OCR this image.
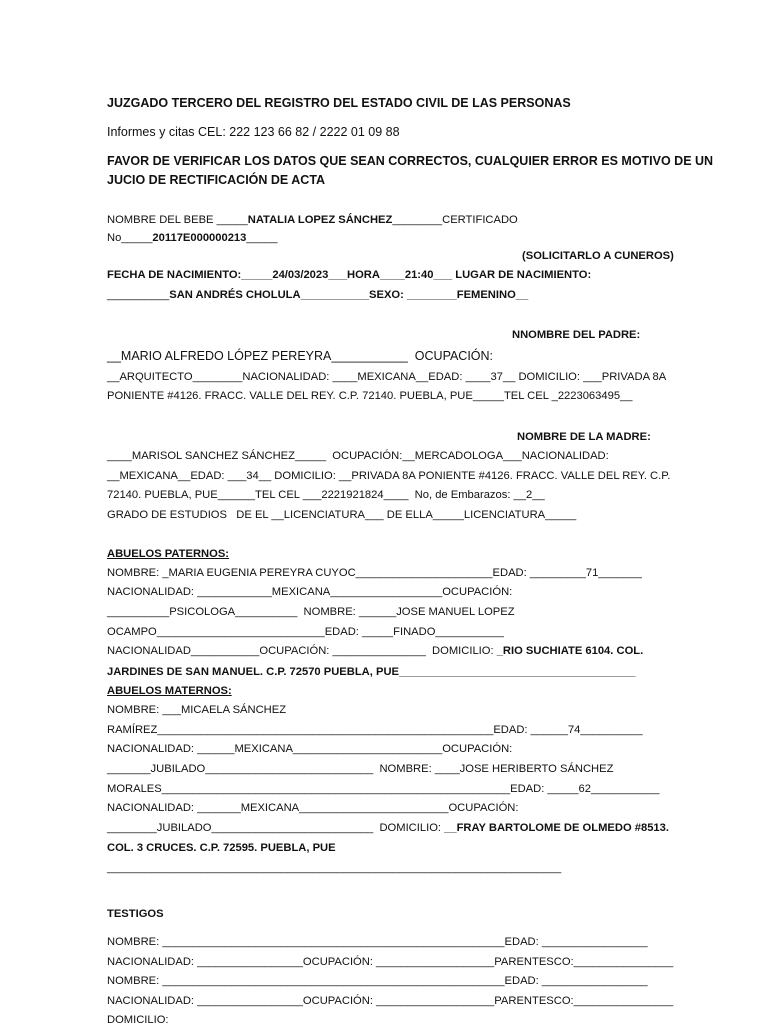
JUZGADO TERCERO DEL REGISTRO DEL ESTADO CIVIL DE LAS PERSONAS
Informes y citas CEL: 222 123 66 82 / 2222 01 09 88
FAVOR DE VERIFICAR LOS DATOS QUE SEAN CORRECTOS, CUALQUIER ERROR ES MOTIVO DE UN
JUCIO DE RECTIFICACIÓN DE ACTA
NOMBRE DEL BEBE _____NATALIA LOPEZ SÁNCHEZ________CERTIFICADO
No_____20117E000000213_____
(SOLICITARLO A CUNEROS)
FECHA DE NACIMIENTO:_____24/03/2023___HORA____21:40___ LUGAR DE NACIMIENTO:
__________SAN ANDRÉS CHOLULA___________SEXO: ________FEMENINO__
NNOMBRE DEL PADRE:
__MARIO ALFREDO LÓPEZ PEREYRA___________  OCUPACIÓN:
__ARQUITECTO________NACIONALIDAD: ____MEXICANA__EDAD: ____37__ DOMICILIO: ___PRIVADA 8A
PONIENTE #4126. FRACC. VALLE DEL REY. C.P. 72140. PUEBLA, PUE_____TEL CEL _2223063495__
NOMBRE DE LA MADRE:
____MARISOL SANCHEZ SÁNCHEZ_____  OCUPACIÓN:__MERCADOLOGA___NACIONALIDAD:
__MEXICANA__EDAD: ___34__ DOMICILIO: __PRIVADA 8A PONIENTE #4126. FRACC. VALLE DEL REY. C.P.
72140. PUEBLA, PUE______TEL CEL ___2221921824____  No, de Embarazos: __2__
GRADO DE ESTUDIOS   DE EL __LICENCIATURA___ DE ELLA_____LICENCIATURA_____
ABUELOS PATERNOS:
NOMBRE: _MARIA EUGENIA PEREYRA CUYOC______________________EDAD: _________71_______
NACIONALIDAD: ____________MEXICANA__________________OCUPACIÓN:
__________PSICOLOGA__________  NOMBRE: ______JOSE MANUEL LOPEZ
OCAMPO___________________________EDAD: _____FINADO___________
NACIONALIDAD___________OCUPACIÓN: _______________  DOMICILIO: _RIO SUCHIATE 6104. COL.
JARDINES DE SAN MANUEL. C.P. 72570 PUEBLA, PUE______________________________________
ABUELOS MATERNOS:
NOMBRE: ___MICAELA SÁNCHEZ
RAMÍREZ______________________________________________________EDAD: ______74__________
NACIONALIDAD: ______MEXICANA________________________OCUPACIÓN:
_______JUBILADO___________________________  NOMBRE: ____JOSE HERIBERTO SÁNCHEZ
MORALES________________________________________________________EDAD: _____62___________
NACIONALIDAD: _______MEXICANA________________________OCUPACIÓN:
________JUBILADO__________________________  DOMICILIO: __FRAY BARTOLOME DE OLMEDO #8513.
COL. 3 CRUCES. C.P. 72595. PUEBLA, PUE
_________________________________________________________________________
TESTIGOS
NOMBRE: _______________________________________________________EDAD: _________________
NACIONALIDAD: _________________OCUPACIÓN: ___________________PARENTESCO:________________
NOMBRE: _______________________________________________________EDAD: _________________
NACIONALIDAD: _________________OCUPACIÓN: ___________________PARENTESCO:________________
DOMICILIO:
